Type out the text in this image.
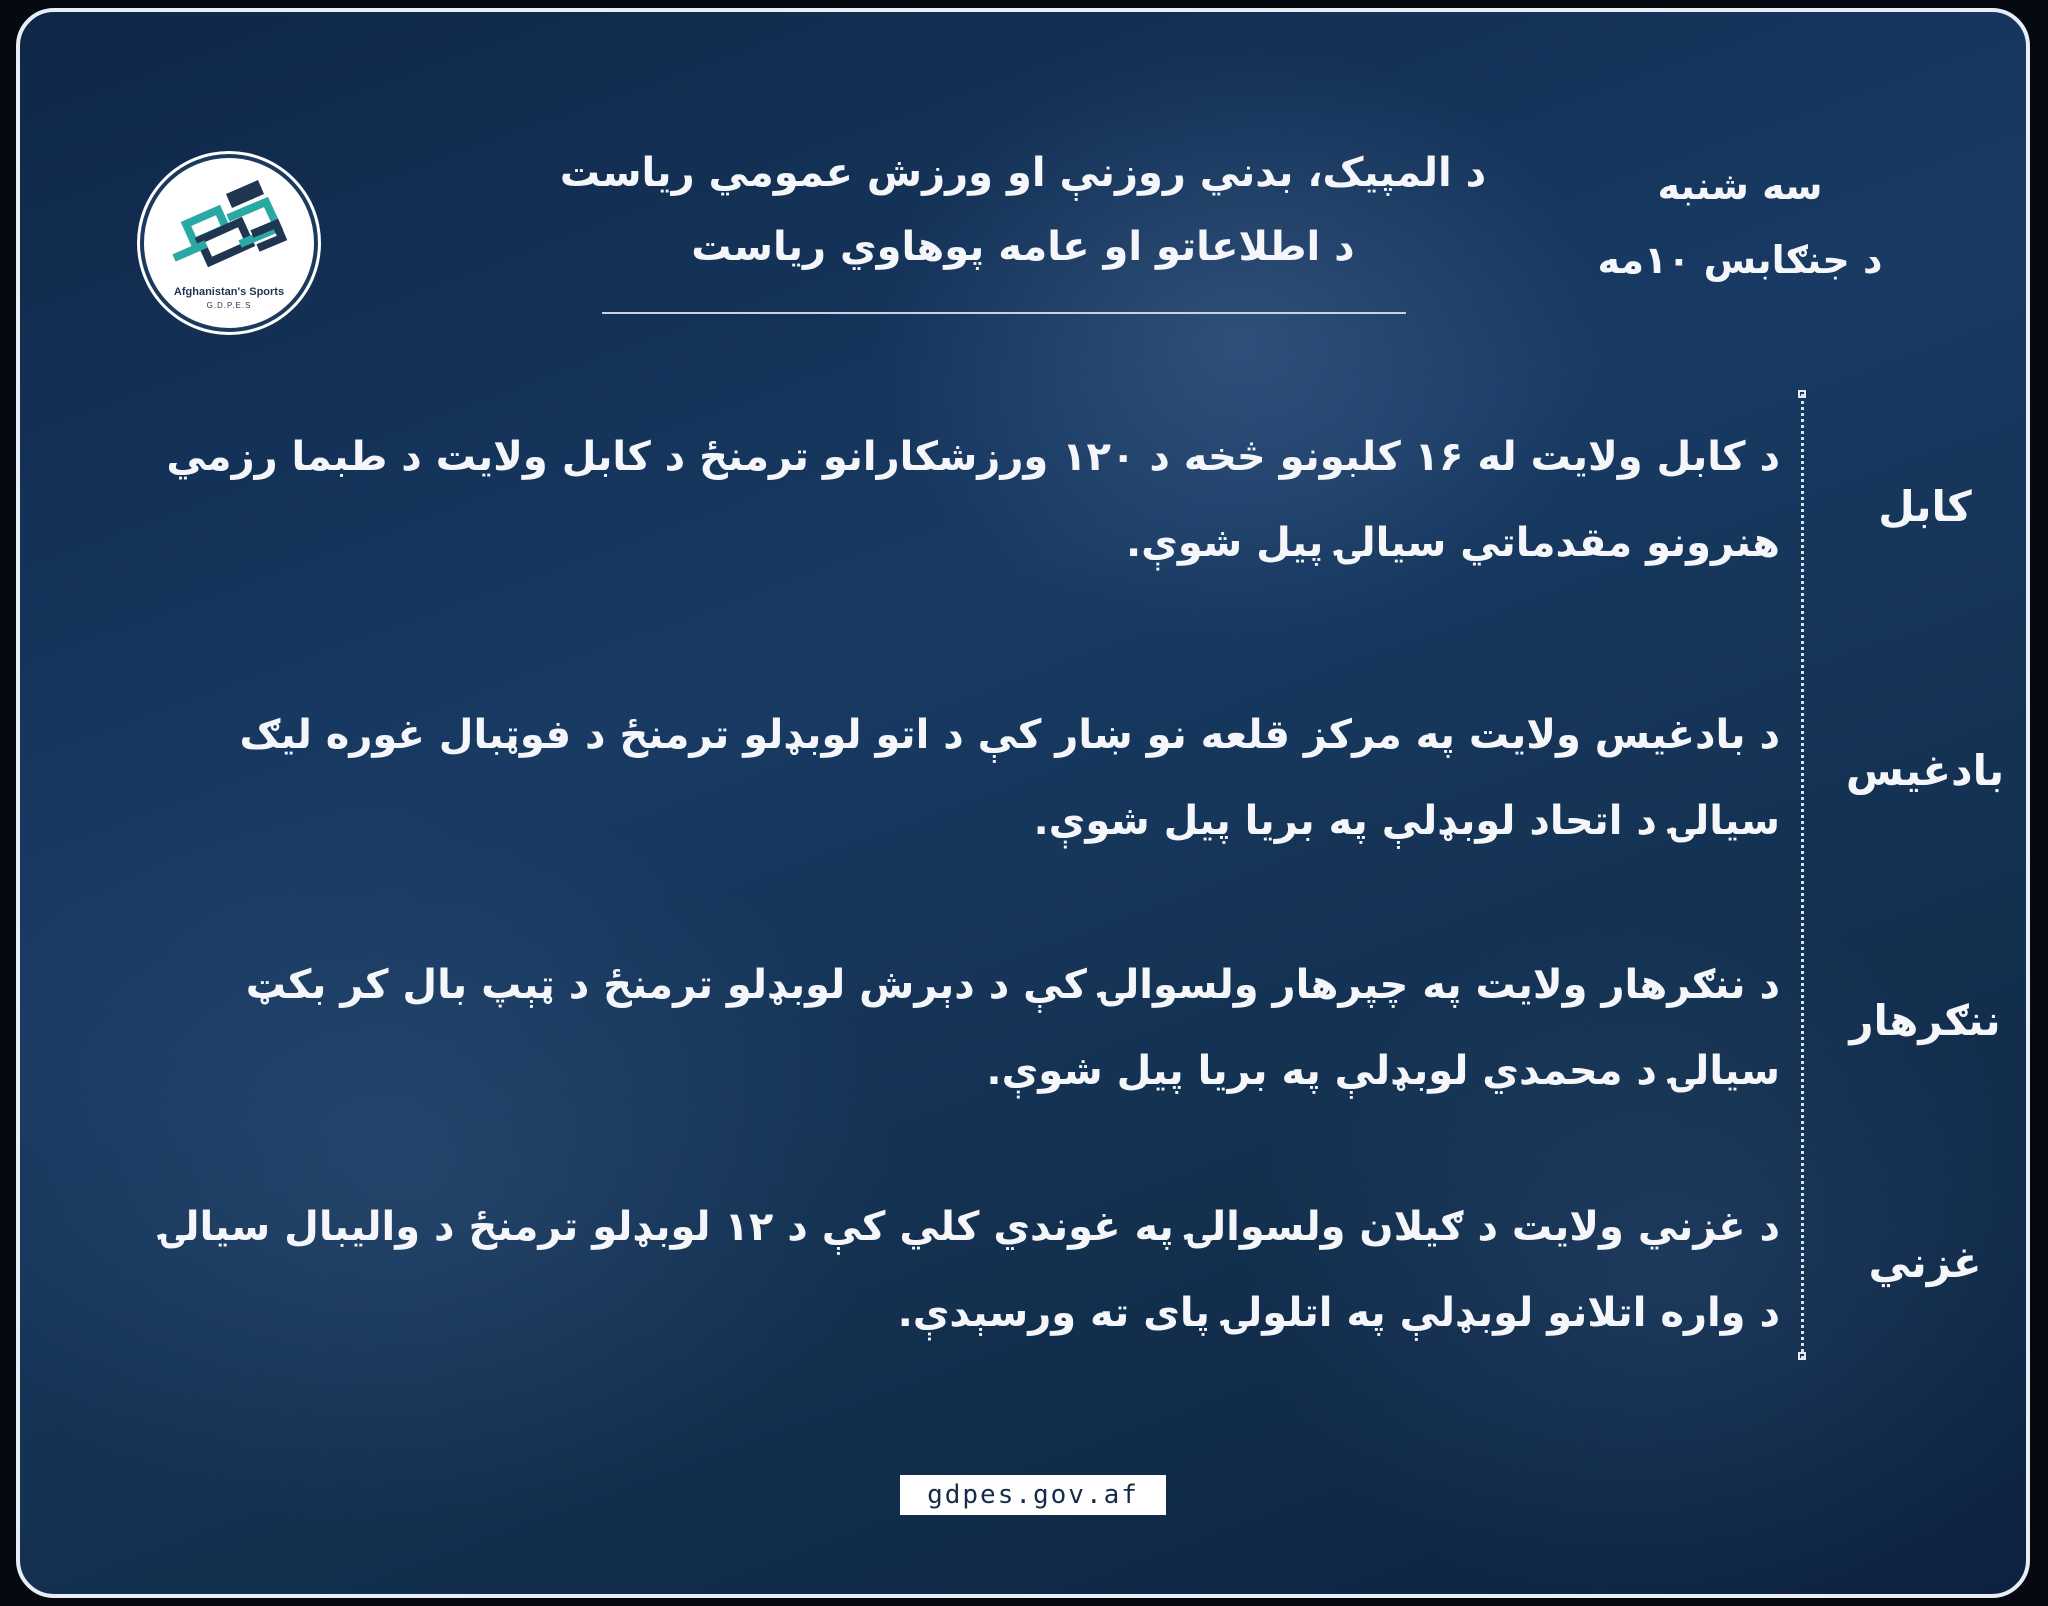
Afghanistan's Sports
G.D.P.E.S
د المپیک، بدني روزنې او ورزش عمومي ریاست
د اطلاعاتو او عامه پوهاوي ریاست
سه شنبه
د جنګابس ۱۰مه
کابل
د کابل ولایت له ۱۶ کلبونو څخه د ۱۲۰ ورزشکارانو ترمنځ د کابل ولایت د طبما رزمي هنرونو مقدماتي سیالۍ پیل شوې.
بادغیس
د بادغیس ولایت په مرکز قلعه نو ښار کې د اتو لوبډلو ترمنځ د فوټبال غوره لیګ سیالۍ د اتحاد لوبډلې په بریا پیل شوې.
ننګرهار
د ننګرهار ولایت په چپرهار ولسوالۍ کې د دېرش لوبډلو ترمنځ د ټېپ بال کر بکټ سیالۍ د محمدي لوبډلې په بریا پیل شوې.
غزني
د غزني ولایت د ګیلان ولسوالۍ په غوندي کلي کې د ۱۲ لوبډلو ترمنځ د والیبال سیالۍ د واره اتلانو لوبډلې په اتلولۍ پای ته ورسېدې.
gdpes.gov.af
